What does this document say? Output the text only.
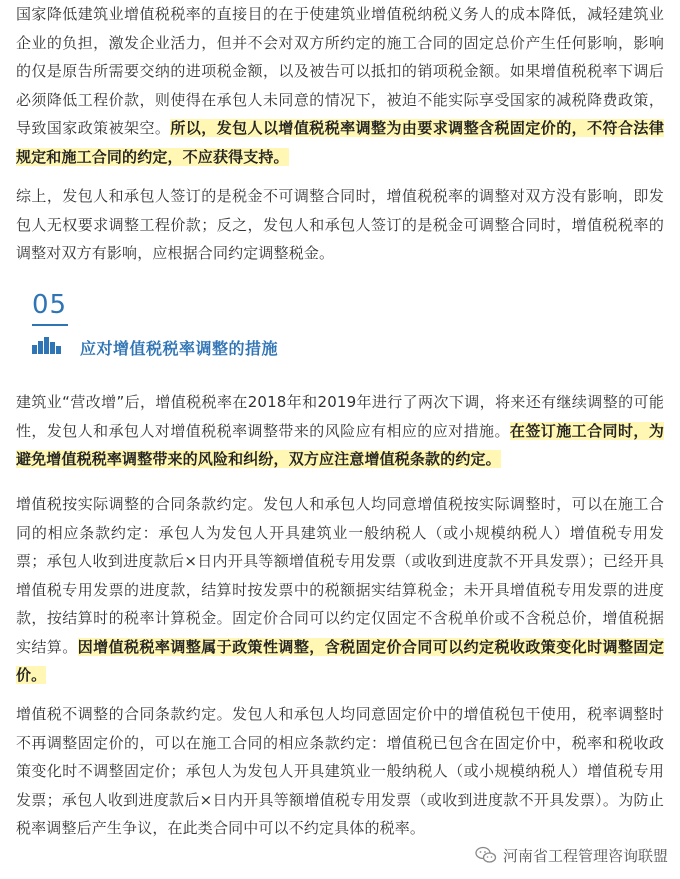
国家降低建筑业增值税税率的直接目的在于使建筑业增值税纳税义务人的成本降低，减轻建筑业企业的负担，激发企业活力，但并不会对双方所约定的施工合同的固定总价产生任何影响，影响的仅是原告所需要交纳的进项税金额，以及被告可以抵扣的销项税金额。如果增值税税率下调后必须降低工程价款，则使得在承包人未同意的情况下，被迫不能实际享受国家的减税降费政策，导致国家政策被架空。所以，发包人以增值税税率调整为由要求调整含税固定价的，不符合法律规定和施工合同的约定，不应获得支持。

综上，发包人和承包人签订的是税金不可调整合同时，增值税税率的调整对双方没有影响，即发包人无权要求调整工程价款；反之，发包人和承包人签订的是税金可调整合同时，增值税税率的调整对双方有影响，应根据合同约定调整税金。

建筑业“营改增”后，增值税税率在2018年和2019年进行了两次下调，将来还有继续调整的可能性，发包人和承包人对增值税税率调整带来的风险应有相应的应对措施。在签订施工合同时，为避免增值税税率调整带来的风险和纠纷，双方应注意增值税条款的约定。

增值税按实际调整的合同条款约定。发包人和承包人均同意增值税按实际调整时，可以在施工合同的相应条款约定：承包人为发包人开具建筑业一般纳税人（或小规模纳税人）增值税专用发票；承包人收到进度款后×日内开具等额增值税专用发票（或收到进度款不开具发票）；已经开具增值税专用发票的进度款，结算时按发票中的税额据实结算税金；未开具增值税专用发票的进度款，按结算时的税率计算税金。固定价合同可以约定仅固定不含税单价或不含税总价，增值税据实结算。因增值税税率调整属于政策性调整，含税固定价合同可以约定税收政策变化时调整固定价。

增值税不调整的合同条款约定。发包人和承包人均同意固定价中的增值税包干使用，税率调整时不再调整固定价的，可以在施工合同的相应条款约定：增值税已包含在固定价中，税率和税收政策变化时不调整固定价；承包人为发包人开具建筑业一般纳税人（或小规模纳税人）增值税专用发票；承包人收到进度款后×日内开具等额增值税专用发票（或收到进度款不开具发票）。为防止税率调整后产生争议，在此类合同中可以不约定具体的税率。

05
应对增值税税率调整的措施
河南省工程管理咨询联盟
